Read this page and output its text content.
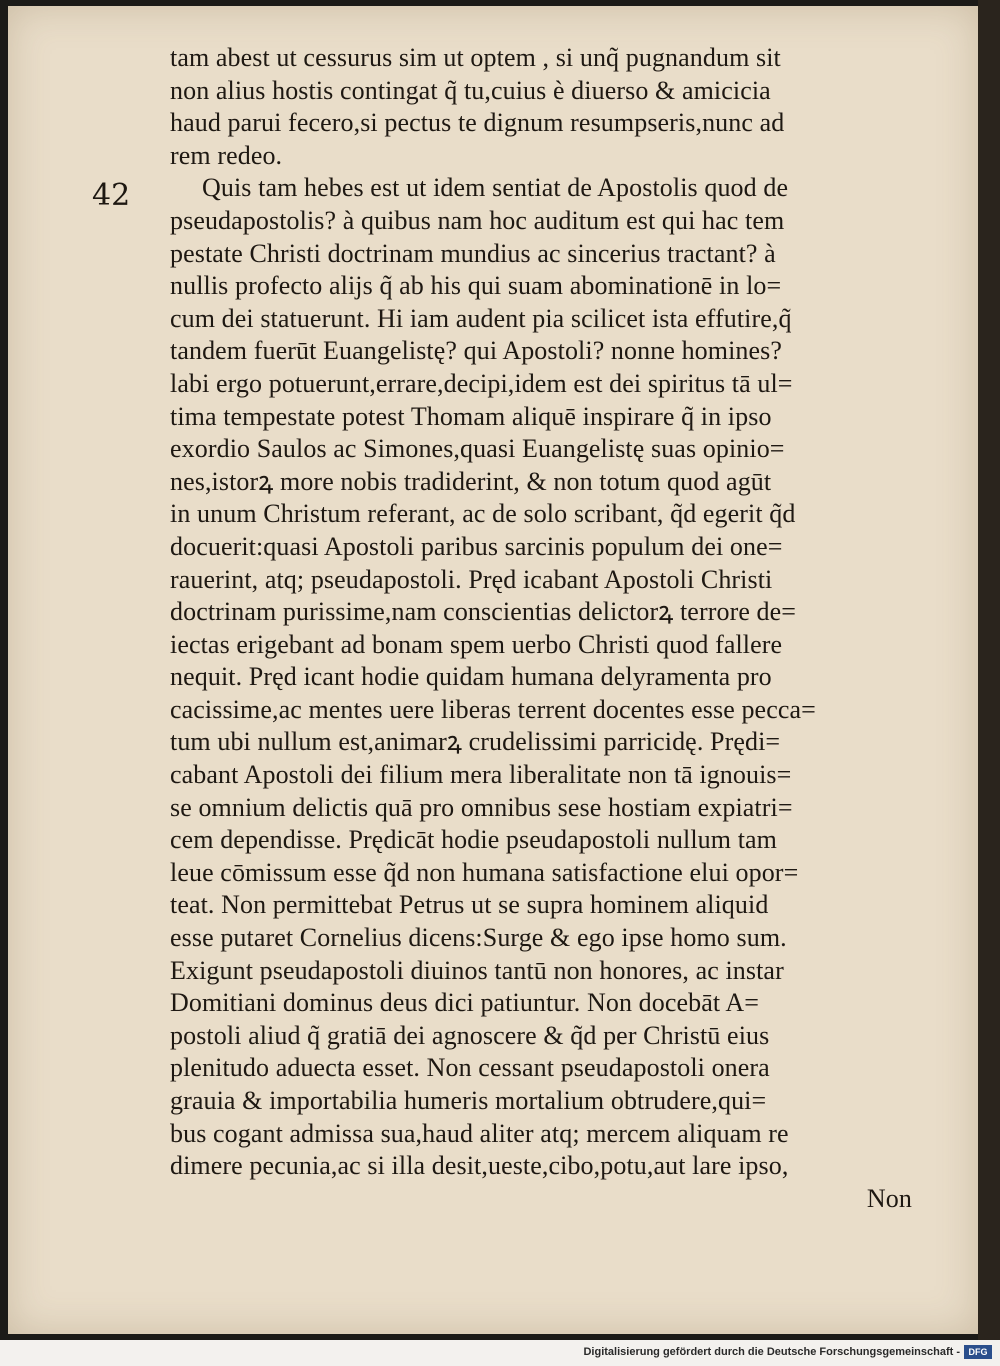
42
tam abest ut cessurus sim ut optem , si unq̃ pugnandum sit
non alius hostis contingat q̃ tu,cuius è diuerso & amicicia
haud parui fecero,si pectus te dignum resumpseris,nunc ad
rem redeo.
Quis tam hebes est ut idem sentiat de Apostolis quod de
pseudapostolis? à quibus nam hoc auditum est qui hac tem
pestate Christi doctrinam mundius ac sincerius tractant? à
nullis profecto alijs q̃ ab his qui suam abominationē in lo=
cum dei statuerunt. Hi iam audent pia scilicet ista effutire,q̃
tandem fuerūt Euangelistę? qui Apostoli? nonne homines?
labi ergo potuerunt,errare,decipi,idem est dei spiritus tā ul=
tima tempestate potest Thomam aliquē inspirare q̃ in ipso
exordio Saulos ac Simones,quasi Euangelistę suas opinio=
nes,istorꝝ more nobis tradiderint, & non totum quod agūt
in unum Christum referant, ac de solo scribant, q̃d egerit q̃d
docuerit:quasi Apostoli paribus sarcinis populum dei one=
rauerint, atq; pseudapostoli. Pręd icabant Apostoli Christi
doctrinam purissime,nam conscientias delictorꝝ terrore de=
iectas erigebant ad bonam spem uerbo Christi quod fallere
nequit. Pręd icant hodie quidam humana delyramenta pro
cacissime,ac mentes uere liberas terrent docentes esse pecca=
tum ubi nullum est,animarꝝ crudelissimi parricidę. Prędi=
cabant Apostoli dei filium mera liberalitate non tā ignouis=
se omnium delictis quā pro omnibus sese hostiam expiatri=
cem dependisse. Prędicāt hodie pseudapostoli nullum tam
leue cōmissum esse q̃d non humana satisfactione elui opor=
teat. Non permittebat Petrus ut se supra hominem aliquid
esse putaret Cornelius dicens:Surge & ego ipse homo sum.
Exigunt pseudapostoli diuinos tantū non honores, ac instar
Domitiani dominus deus dici patiuntur. Non docebāt A=
postoli aliud q̃ gratiā dei agnoscere & q̃d per Christū eius
plenitudo aduecta esset. Non cessant pseudapostoli onera
grauia & importabilia humeris mortalium obtrudere,qui=
bus cogant admissa sua,haud aliter atq; mercem aliquam re
dimere pecunia,ac si illa desit,ueste,cibo,potu,aut lare ipso,
Non
Digitalisierung gefördert durch die Deutsche Forschungsgemeinschaft - DFG
